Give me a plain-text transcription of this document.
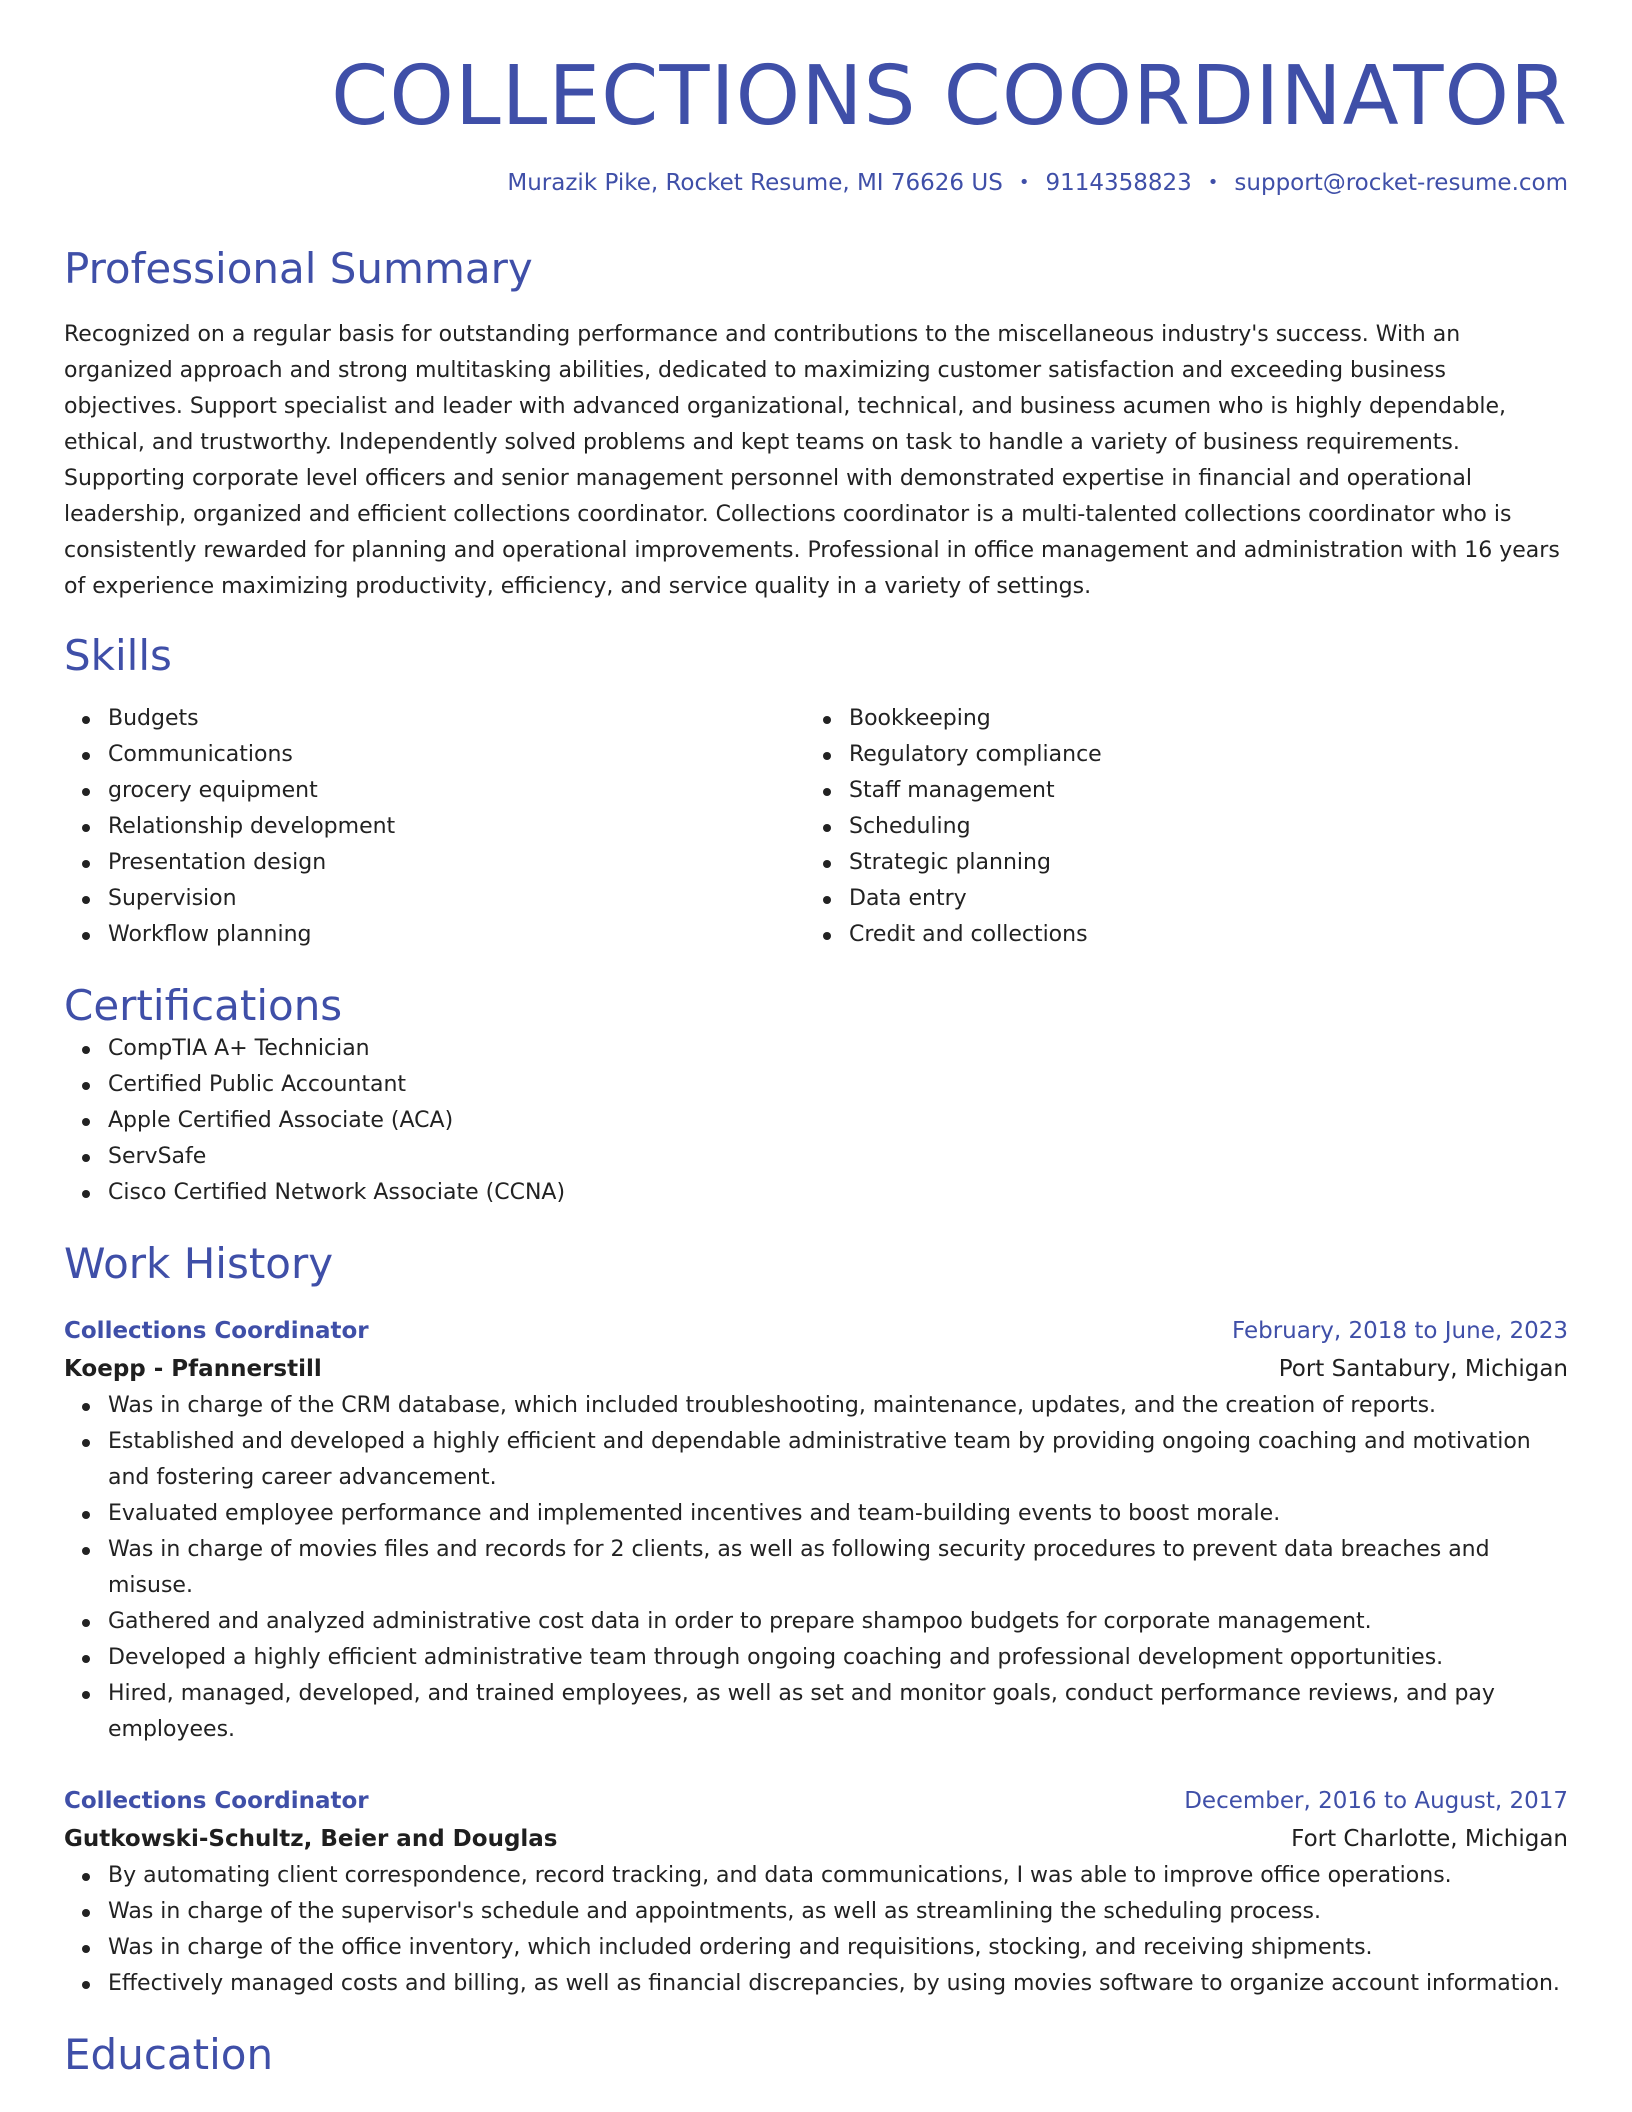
COLLECTIONS COORDINATOR
Murazik Pike, Rocket Resume, MI 76626 US • 9114358823 • support@rocket-resume.com
Professional Summary

Recognized on a regular basis for outstanding performance and contributions to the miscellaneous industry's success. With an organized approach and strong multitasking abilities, dedicated to maximizing customer satisfaction and exceeding business objectives. Support specialist and leader with advanced organizational, technical, and business acumen who is highly dependable, ethical, and trustworthy. Independently solved problems and kept teams on task to handle a variety of business requirements. Supporting corporate level officers and senior management personnel with demonstrated expertise in financial and operational leadership, organized and efficient collections coordinator. Collections coordinator is a multi-talented collections coordinator who is consistently rewarded for planning and operational improvements. Professional in office management and administration with 16 years of experience maximizing productivity, efficiency, and service quality in a variety of settings.

Skills
Budgets
Communications
grocery equipment
Relationship development
Presentation design
Supervision
Workflow planning
Bookkeeping
Regulatory compliance
Staff management
Scheduling
Strategic planning
Data entry
Credit and collections
Certifications
CompTIA A+ Technician
Certified Public Accountant
Apple Certified Associate (ACA)
ServSafe
Cisco Certified Network Associate (CCNA)
Work History
Collections Coordinator	February, 2018 to June, 2023
Koepp - Pfannerstill	Port Santabury, Michigan
Was in charge of the CRM database, which included troubleshooting, maintenance, updates, and the creation of reports.
Established and developed a highly efficient and dependable administrative team by providing ongoing coaching and motivation and fostering career advancement.
Evaluated employee performance and implemented incentives and team-building events to boost morale.
Was in charge of movies files and records for 2 clients, as well as following security procedures to prevent data breaches and misuse.
Gathered and analyzed administrative cost data in order to prepare shampoo budgets for corporate management.
Developed a highly efficient administrative team through ongoing coaching and professional development opportunities.
Hired, managed, developed, and trained employees, as well as set and monitor goals, conduct performance reviews, and pay employees.
Collections Coordinator	December, 2016 to August, 2017
Gutkowski-Schultz, Beier and Douglas	Fort Charlotte, Michigan
By automating client correspondence, record tracking, and data communications, I was able to improve office operations.
Was in charge of the supervisor's schedule and appointments, as well as streamlining the scheduling process.
Was in charge of the office inventory, which included ordering and requisitions, stocking, and receiving shipments.
Effectively managed costs and billing, as well as financial discrepancies, by using movies software to organize account information.
Education
